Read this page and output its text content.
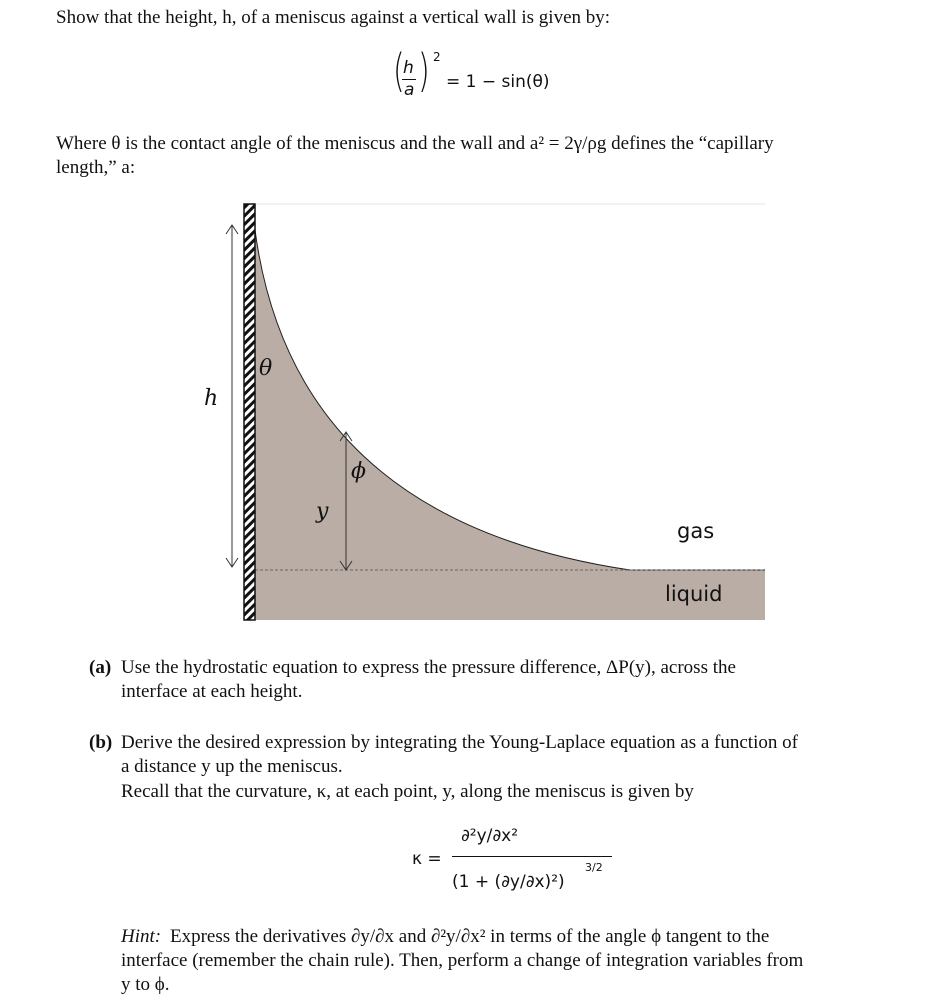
Show that the height, h, of a meniscus against a vertical wall is given by:
(
h
a ) 2
= 1 − sin(θ)
Where θ is the contact angle of the meniscus and the wall and a² = 2γ/ρg defines the “capillary
length,” a:
h
θ
ϕ
y
gas
liquid
(a) Use the hydrostatic equation to express the pressure difference, ΔP(y), across the
interface at each height.
(b) Derive the desired expression by integrating the Young-Laplace equation as a function of
a distance y up the meniscus.
Recall that the curvature, κ, at each point, y, along the meniscus is given by
κ =
∂²y/∂x²
(1 + (∂y/∂x)²)
3/2
Hint: Express the derivatives ∂y/∂x and ∂²y/∂x² in terms of the angle ϕ tangent to the
interface (remember the chain rule). Then, perform a change of integration variables from
y to ϕ.
